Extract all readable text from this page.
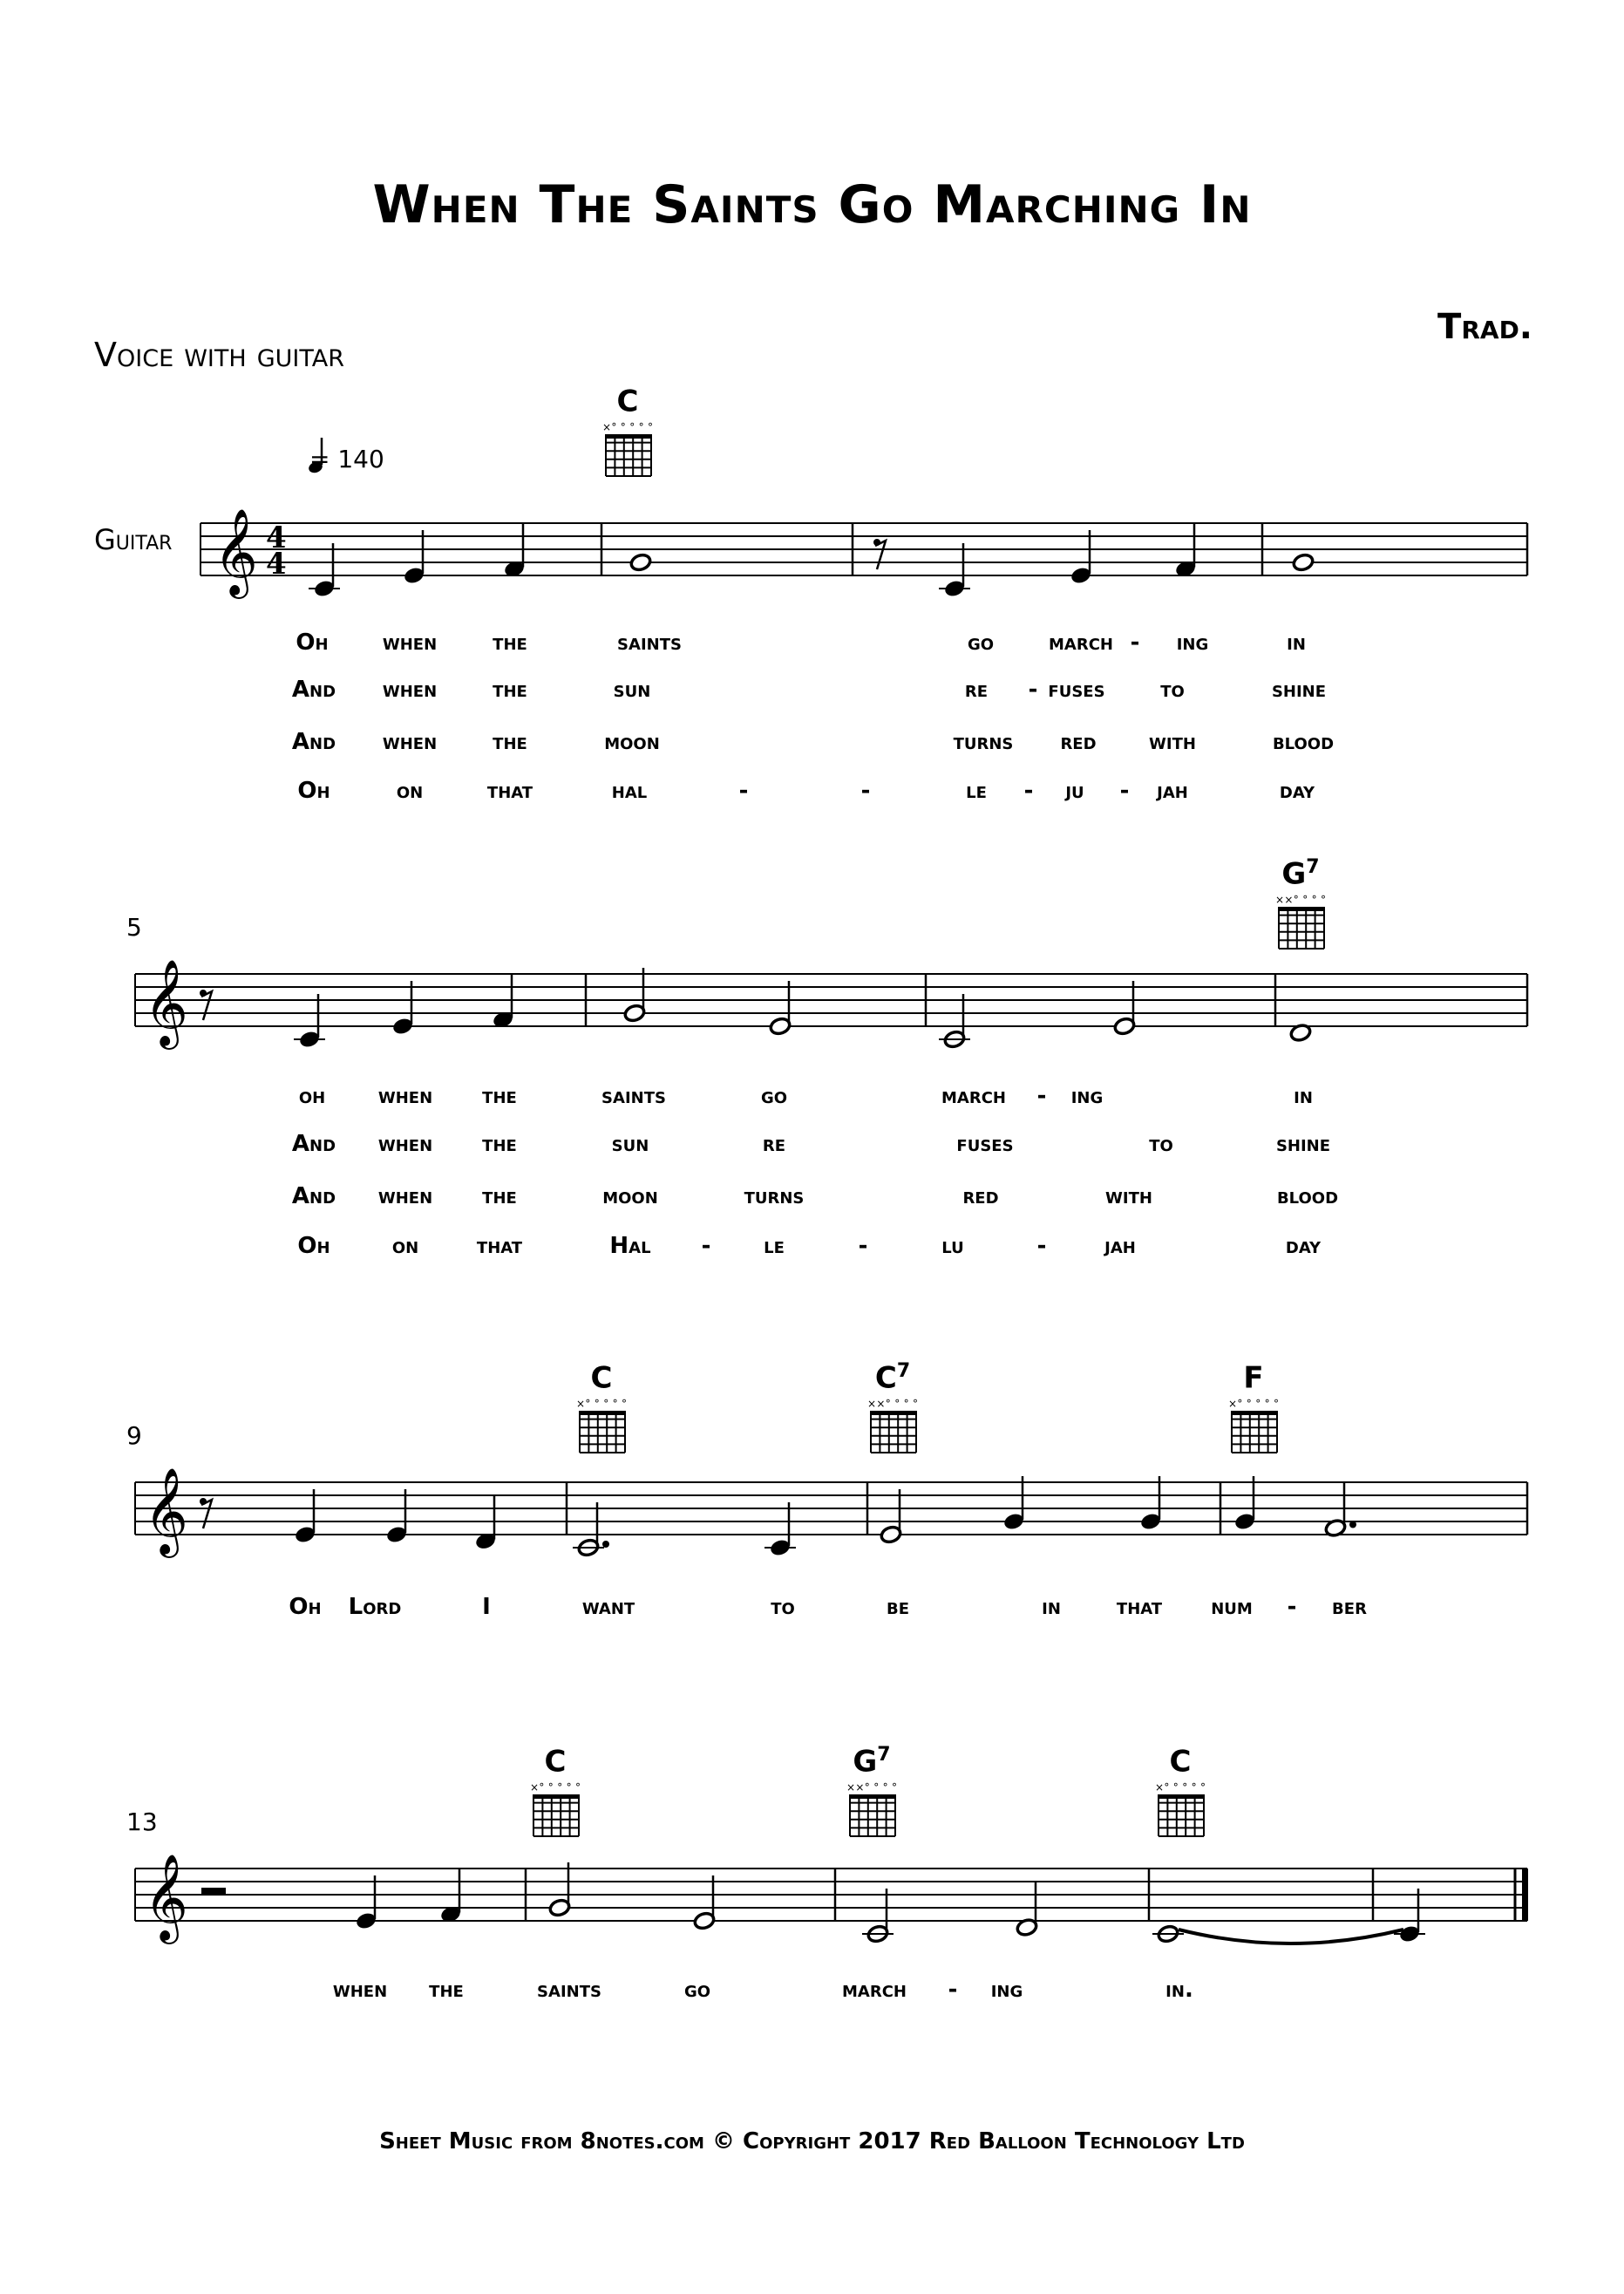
When The Saints Go Marching In
Trad.
Voice with guitar
Guitar 𝄞 4
4
𝄞
𝄞
𝄞
× ° ° ° ° °
× × ° ° ° °
× ° ° ° ° °	× × ° ° ° °	× ° ° ° ° °
× ° ° ° ° °	× × ° ° ° °	× ° ° ° ° °
= 140
C
Oh when the	saints	go march - ing	in
And when the	sun	re - fuses to	shine
And when the	moon	turns red with	blood
Oh	on	that	hal	-	-	le - ju - jah	day
5
$G^7$
oh when the	saints	go	march - ing	in
And when the	sun	re	fuses	to	shine
And when the	moon	turns	red	with	blood
Oh	on	that	Hal - le	-	lu	-	jah	day
9
C	$C^7$	F
Oh Lord	I	want	to	be	in that num - ber
13
C	$G^7$	C
when the	saints	go	march - ing	in.
Sheet Music from 8notes.com © Copyright 2017 Red Balloon Technology Ltd
